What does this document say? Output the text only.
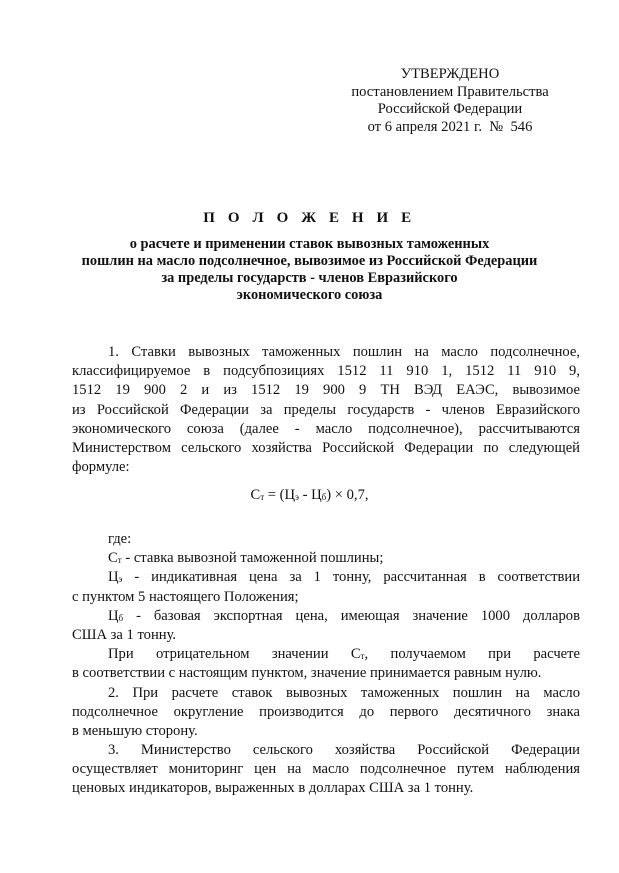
УТВЕРЖДЕНО
постановлением Правительства
Российской Федерации
от 6 апреля 2021 г.  №  546
П О Л О Ж Е Н И Е
о расчете и применении ставок вывозных таможенных
пошлин на масло подсолнечное, вывозимое из Российской Федерации
за пределы государств - членов Евразийского
экономического союза
1. Ставки вывозных таможенных пошлин на масло подсолнечное,
классифицируемое в подсубпозициях 1512 11 910 1, 1512 11 910 9,
1512 19 900 2 и из 1512 19 900 9 ТН ВЭД ЕАЭС, вывозимое
из Российской Федерации за пределы государств - членов Евразийского
экономического союза (далее - масло подсолнечное), рассчитываются
Министерством сельского хозяйства Российской Федерации по следующей
формуле:
$С_т = (Ц_э - Ц_б) \times 0,7$,
где:
$С_т$ - ставка вывозной таможенной пошлины;
$Ц_э$ - индикативная цена за 1 тонну, рассчитанная в соответствии
с пунктом 5 настоящего Положения;
$Ц_б$ - базовая экспортная цена, имеющая значение 1000 долларов
США за 1 тонну.
При отрицательном значении $С_т$, получаемом при расчете
в соответствии с настоящим пунктом, значение принимается равным нулю.
2. При расчете ставок вывозных таможенных пошлин на масло
подсолнечное округление производится до первого десятичного знака
в меньшую сторону.
3. Министерство сельского хозяйства Российской Федерации
осуществляет мониторинг цен на масло подсолнечное путем наблюдения
ценовых индикаторов, выраженных в долларах США за 1 тонну.
